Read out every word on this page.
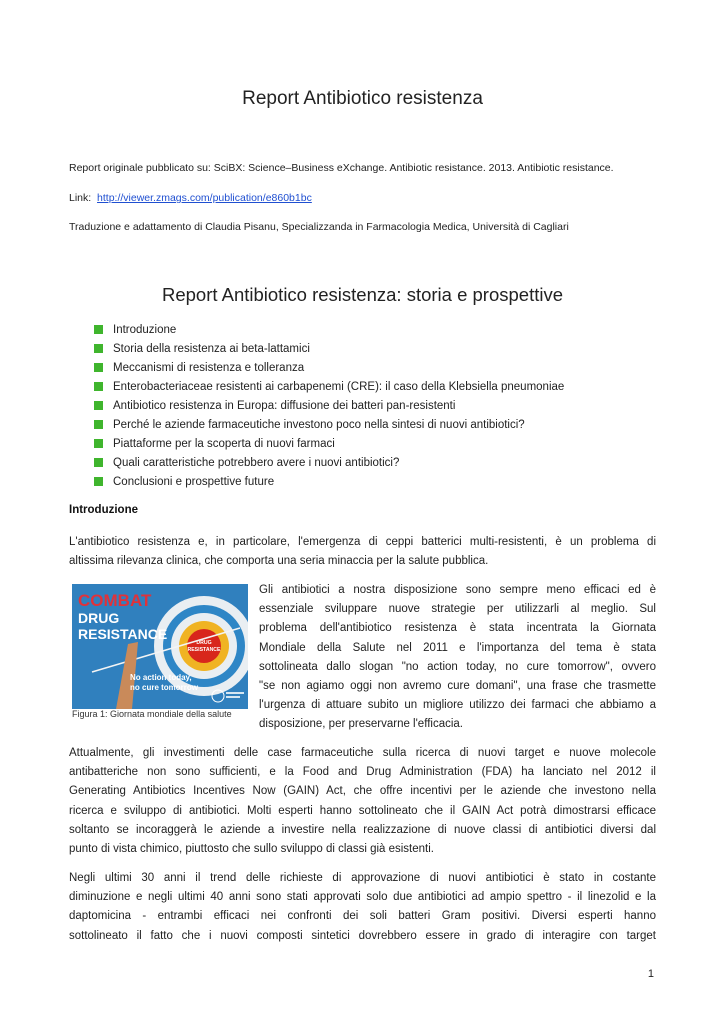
Report Antibiotico resistenza
Report originale pubblicato su: SciBX: Science–Business eXchange. Antibiotic resistance. 2013. Antibiotic resistance.
Link: http://viewer.zmags.com/publication/e860b1bc
Traduzione e adattamento di Claudia Pisanu, Specializzanda in Farmacologia Medica, Università di Cagliari
Report Antibiotico resistenza: storia e prospettive
Introduzione
Storia della resistenza ai beta-lattamici
Meccanismi di resistenza e tolleranza
Enterobacteriaceae resistenti ai carbapenemi (CRE): il caso della Klebsiella pneumoniae
Antibiotico resistenza in Europa: diffusione dei batteri pan-resistenti
Perché le aziende farmaceutiche investono poco nella sintesi di nuovi antibiotici?
Piattaforme per la scoperta di nuovi farmaci
Quali caratteristiche potrebbero avere i nuovi antibiotici?
Conclusioni e prospettive future
Introduzione
L'antibiotico resistenza e, in particolare, l'emergenza di ceppi batterici multi-resistenti, è un problema di
altissima rilevanza clinica, che comporta una seria minaccia per la salute pubblica.
DRUG
RESISTANCE
COMBAT
DRUG
RESISTANCE
No action today,
no cure tomorrow
Figura 1: Giornata mondiale della salute
Gli antibiotici a nostra disposizione sono sempre meno efficaci ed è
essenziale sviluppare nuove strategie per utilizzarli al meglio. Sul
problema dell'antibiotico resistenza è stata incentrata la Giornata
Mondiale della Salute nel 2011 e l'importanza del tema è stata
sottolineata dallo slogan "no action today, no cure tomorrow", ovvero
"se non agiamo oggi non avremo cure domani", una frase che trasmette
l'urgenza di attuare subito un migliore utilizzo dei farmaci che abbiamo a
disposizione, per preservarne l'efficacia.
Attualmente, gli investimenti delle case farmaceutiche sulla ricerca di nuovi target e nuove molecole
antibatteriche non sono sufficienti, e la Food and Drug Administration (FDA) ha lanciato nel 2012 il
Generating Antibiotics Incentives Now (GAIN) Act, che offre incentivi per le aziende che investono nella
ricerca e sviluppo di antibiotici. Molti esperti hanno sottolineato che il GAIN Act potrà dimostrarsi efficace
soltanto se incoraggerà le aziende a investire nella realizzazione di nuove classi di antibiotici diversi dal
punto di vista chimico, piuttosto che sullo sviluppo di classi già esistenti.
Negli ultimi 30 anni il trend delle richieste di approvazione di nuovi antibiotici è stato in costante
diminuzione e negli ultimi 40 anni sono stati approvati solo due antibiotici ad ampio spettro - il linezolid e la
daptomicina - entrambi efficaci nei confronti dei soli batteri Gram positivi. Diversi esperti hanno
sottolineato il fatto che i nuovi composti sintetici dovrebbero essere in grado di interagire con target
1
